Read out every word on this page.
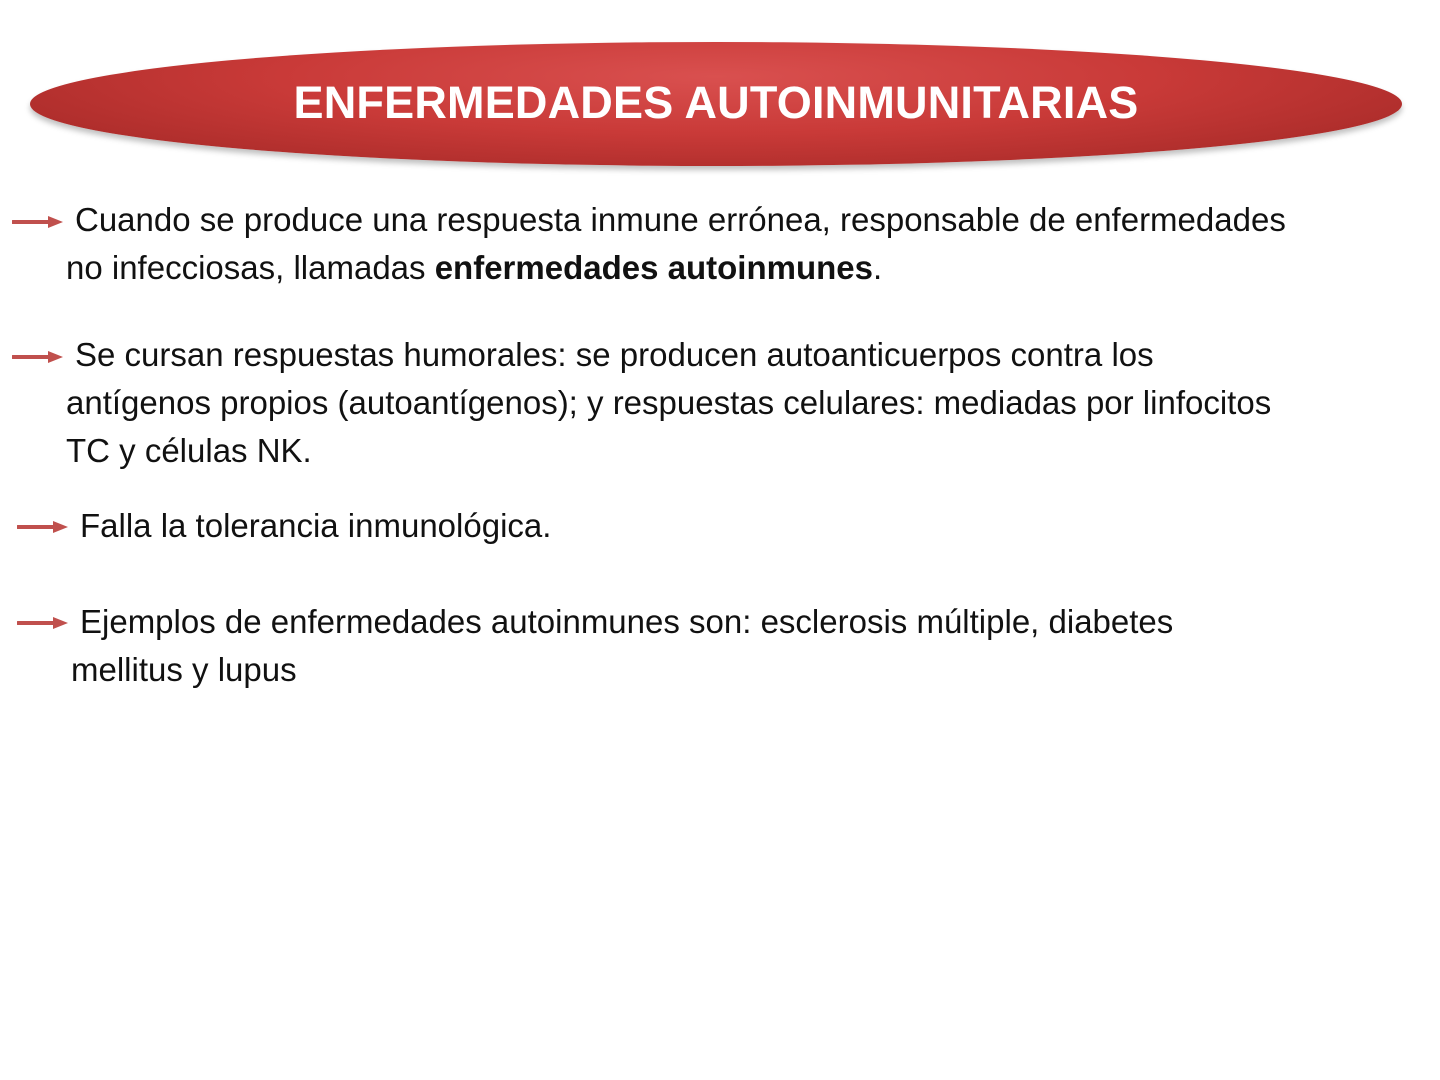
ENFERMEDADES AUTOINMUNITARIAS
Cuando se produce una respuesta inmune errónea, responsable de enfermedades
no infecciosas, llamadas enfermedades autoinmunes.
Se cursan respuestas humorales: se producen autoanticuerpos contra los
antígenos propios (autoantígenos); y respuestas celulares: mediadas por linfocitos
TC y células NK.
Falla la tolerancia inmunológica.
Ejemplos de enfermedades autoinmunes son: esclerosis múltiple, diabetes
mellitus y lupus
